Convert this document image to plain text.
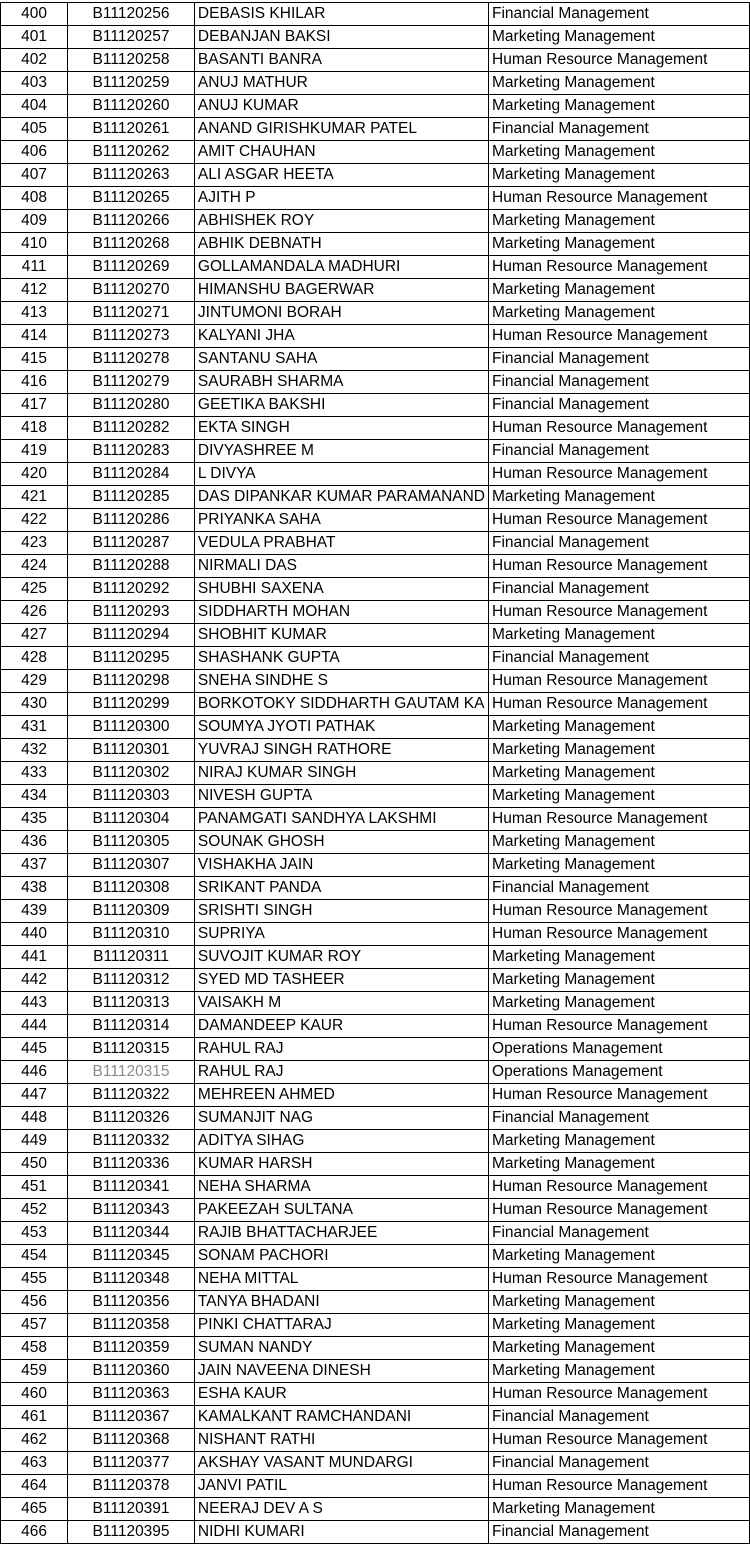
400	B11120256	DEBASIS KHILAR	Financial Management
401	B11120257	DEBANJAN BAKSI	Marketing Management
402	B11120258	BASANTI BANRA	Human Resource Management
403	B11120259	ANUJ MATHUR	Marketing Management
404	B11120260	ANUJ KUMAR	Marketing Management
405	B11120261	ANAND GIRISHKUMAR PATEL	Financial Management
406	B11120262	AMIT CHAUHAN	Marketing Management
407	B11120263	ALI ASGAR HEETA	Marketing Management
408	B11120265	AJITH P	Human Resource Management
409	B11120266	ABHISHEK ROY	Marketing Management
410	B11120268	ABHIK DEBNATH	Marketing Management
411	B11120269	GOLLAMANDALA MADHURI	Human Resource Management
412	B11120270	HIMANSHU BAGERWAR	Marketing Management
413	B11120271	JINTUMONI BORAH	Marketing Management
414	B11120273	KALYANI JHA	Human Resource Management
415	B11120278	SANTANU SAHA	Financial Management
416	B11120279	SAURABH SHARMA	Financial Management
417	B11120280	GEETIKA BAKSHI	Financial Management
418	B11120282	EKTA SINGH	Human Resource Management
419	B11120283	DIVYASHREE M	Financial Management
420	B11120284	L DIVYA	Human Resource Management
421	B11120285	DAS DIPANKAR KUMAR PARAMANAND	Marketing Management
422	B11120286	PRIYANKA SAHA	Human Resource Management
423	B11120287	VEDULA PRABHAT	Financial Management
424	B11120288	NIRMALI DAS	Human Resource Management
425	B11120292	SHUBHI SAXENA	Financial Management
426	B11120293	SIDDHARTH MOHAN	Human Resource Management
427	B11120294	SHOBHIT KUMAR	Marketing Management
428	B11120295	SHASHANK GUPTA	Financial Management
429	B11120298	SNEHA SINDHE S	Human Resource Management
430	B11120299	BORKOTOKY SIDDHARTH GAUTAM KA	Human Resource Management
431	B11120300	SOUMYA JYOTI PATHAK	Marketing Management
432	B11120301	YUVRAJ SINGH RATHORE	Marketing Management
433	B11120302	NIRAJ KUMAR SINGH	Marketing Management
434	B11120303	NIVESH GUPTA	Marketing Management
435	B11120304	PANAMGATI SANDHYA LAKSHMI	Human Resource Management
436	B11120305	SOUNAK GHOSH	Marketing Management
437	B11120307	VISHAKHA JAIN	Marketing Management
438	B11120308	SRIKANT PANDA	Financial Management
439	B11120309	SRISHTI SINGH	Human Resource Management
440	B11120310	SUPRIYA	Human Resource Management
441	B11120311	SUVOJIT KUMAR ROY	Marketing Management
442	B11120312	SYED MD TASHEER	Marketing Management
443	B11120313	VAISAKH M	Marketing Management
444	B11120314	DAMANDEEP KAUR	Human Resource Management
445	B11120315	RAHUL RAJ	Operations Management
446	B11120315	RAHUL RAJ	Operations Management
447	B11120322	MEHREEN AHMED	Human Resource Management
448	B11120326	SUMANJIT NAG	Financial Management
449	B11120332	ADITYA SIHAG	Marketing Management
450	B11120336	KUMAR HARSH	Marketing Management
451	B11120341	NEHA SHARMA	Human Resource Management
452	B11120343	PAKEEZAH SULTANA	Human Resource Management
453	B11120344	RAJIB BHATTACHARJEE	Financial Management
454	B11120345	SONAM PACHORI	Marketing Management
455	B11120348	NEHA MITTAL	Human Resource Management
456	B11120356	TANYA BHADANI	Marketing Management
457	B11120358	PINKI CHATTARAJ	Marketing Management
458	B11120359	SUMAN NANDY	Marketing Management
459	B11120360	JAIN NAVEENA DINESH	Marketing Management
460	B11120363	ESHA KAUR	Human Resource Management
461	B11120367	KAMALKANT RAMCHANDANI	Financial Management
462	B11120368	NISHANT RATHI	Human Resource Management
463	B11120377	AKSHAY VASANT MUNDARGI	Financial Management
464	B11120378	JANVI PATIL	Human Resource Management
465	B11120391	NEERAJ DEV A S	Marketing Management
466	B11120395	NIDHI KUMARI	Financial Management
